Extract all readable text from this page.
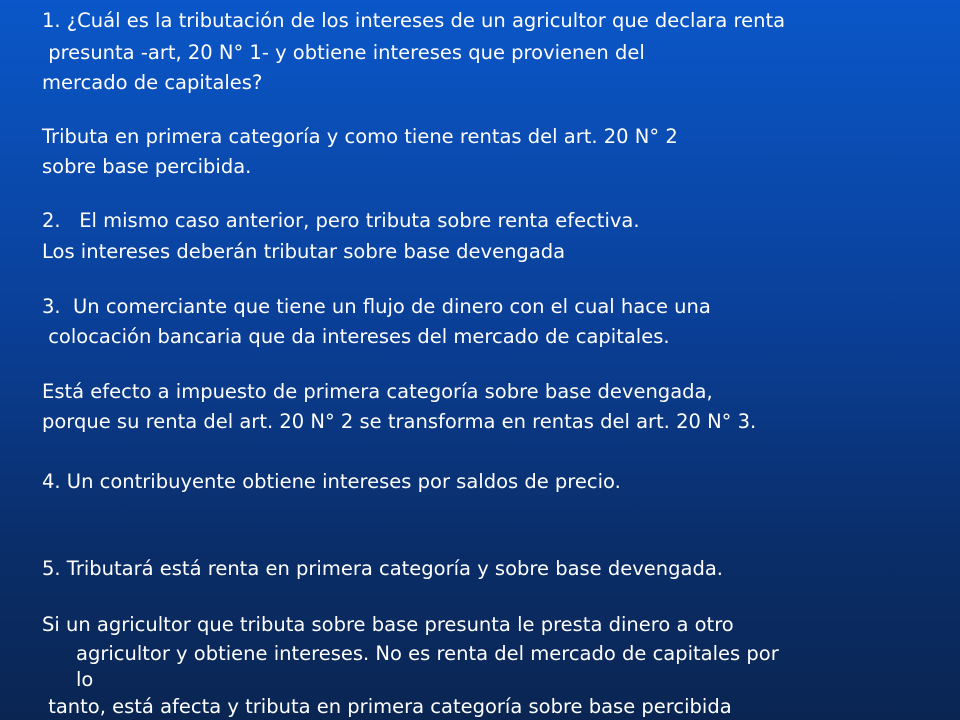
1. ¿Cuál es la tributación de los intereses de un agricultor que declara renta
presunta -art, 20 N° 1- y obtiene intereses que provienen del
mercado de capitales?
Tributa en primera categoría y como tiene rentas del art. 20 N° 2
sobre base percibida.
2.   El mismo caso anterior, pero tributa sobre renta efectiva.
Los intereses deberán tributar sobre base devengada
3.  Un comerciante que tiene un flujo de dinero con el cual hace una
colocación bancaria que da intereses del mercado de capitales.
Está efecto a impuesto de primera categoría sobre base devengada,
porque su renta del art. 20 N° 2 se transforma en rentas del art. 20 N° 3.
4. Un contribuyente obtiene intereses por saldos de precio.
5. Tributará está renta en primera categoría y sobre base devengada.
Si un agricultor que tributa sobre base presunta le presta dinero a otro
agricultor y obtiene intereses. No es renta del mercado de capitales por
lo
tanto, está afecta y tributa en primera categoría sobre base percibida
